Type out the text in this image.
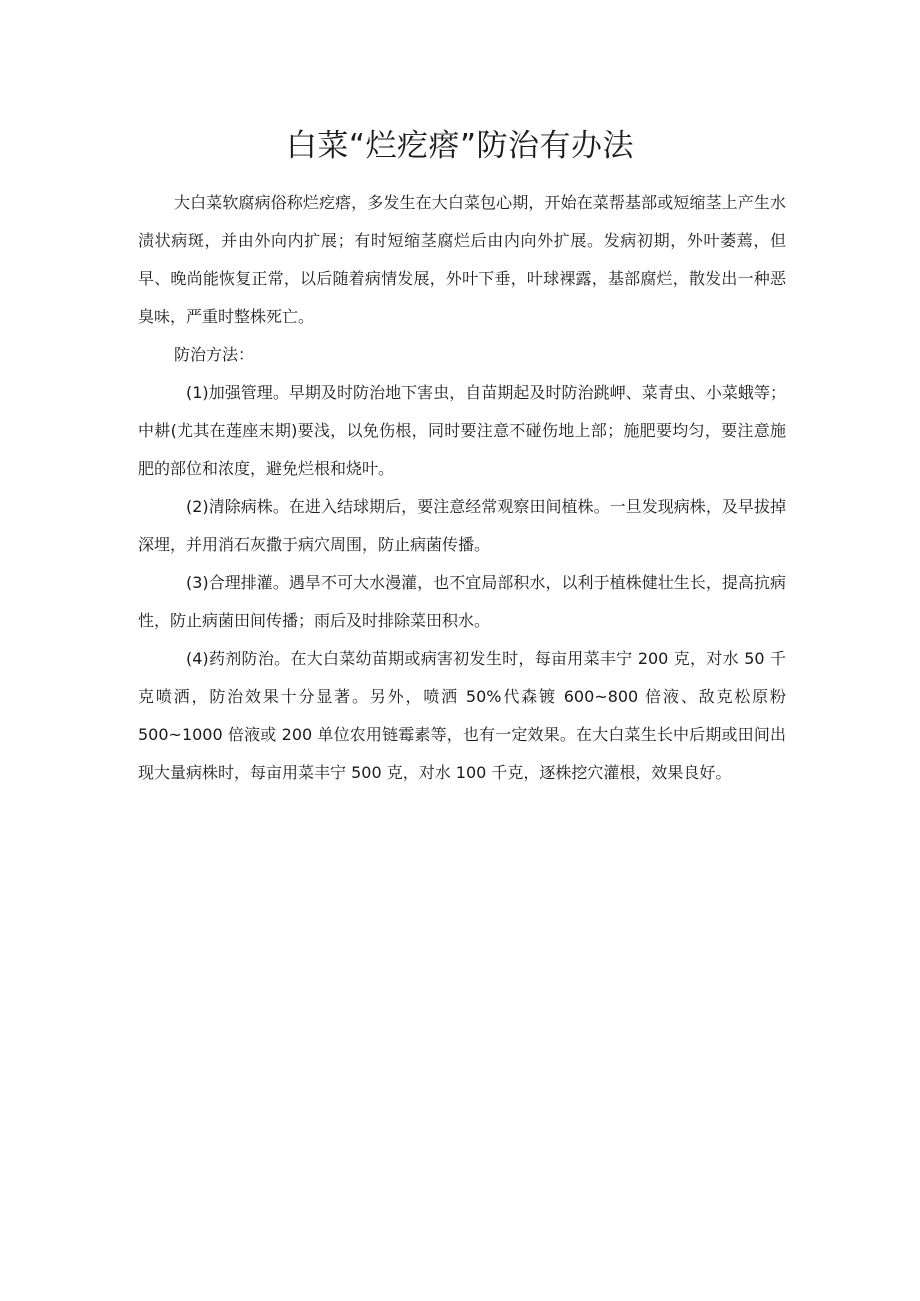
白菜“烂疙瘩”防治有办法

大白菜软腐病俗称烂疙瘩，多发生在大白菜包心期，开始在菜帮基部或短缩茎上产生水渍状病斑，并由外向内扩展；有时短缩茎腐烂后由内向外扩展。发病初期，外叶萎蔫，但早、晚尚能恢复正常，以后随着病情发展，外叶下垂，叶球裸露，基部腐烂，散发出一种恶臭味，严重时整株死亡。

防治方法：

(1)加强管理。早期及时防治地下害虫，自苗期起及时防治跳岬、菜青虫、小菜蛾等；中耕(尤其在莲座末期)要浅，以免伤根，同时要注意不碰伤地上部；施肥要均匀，要注意施肥的部位和浓度，避免烂根和烧叶。

(2)清除病株。在进入结球期后，要注意经常观察田间植株。一旦发现病株，及早拔掉深埋，并用消石灰撒于病穴周围，防止病菌传播。

(3)合理排灌。遇旱不可大水漫灌，也不宜局部积水，以利于植株健壮生长，提高抗病性，防止病菌田间传播；雨后及时排除菜田积水。

(4)药剂防治。在大白菜幼苗期或病害初发生时，每亩用菜丰宁 200 克，对水 50 千克喷洒，防治效果十分显著。另外，喷洒 50%代森镀 600~800 倍液、敌克松原粉 500~1000 倍液或 200 单位农用链霉素等，也有一定效果。在大白菜生长中后期或田间出现大量病株时，每亩用菜丰宁 500 克，对水 100 千克，逐株挖穴灌根，效果良好。
